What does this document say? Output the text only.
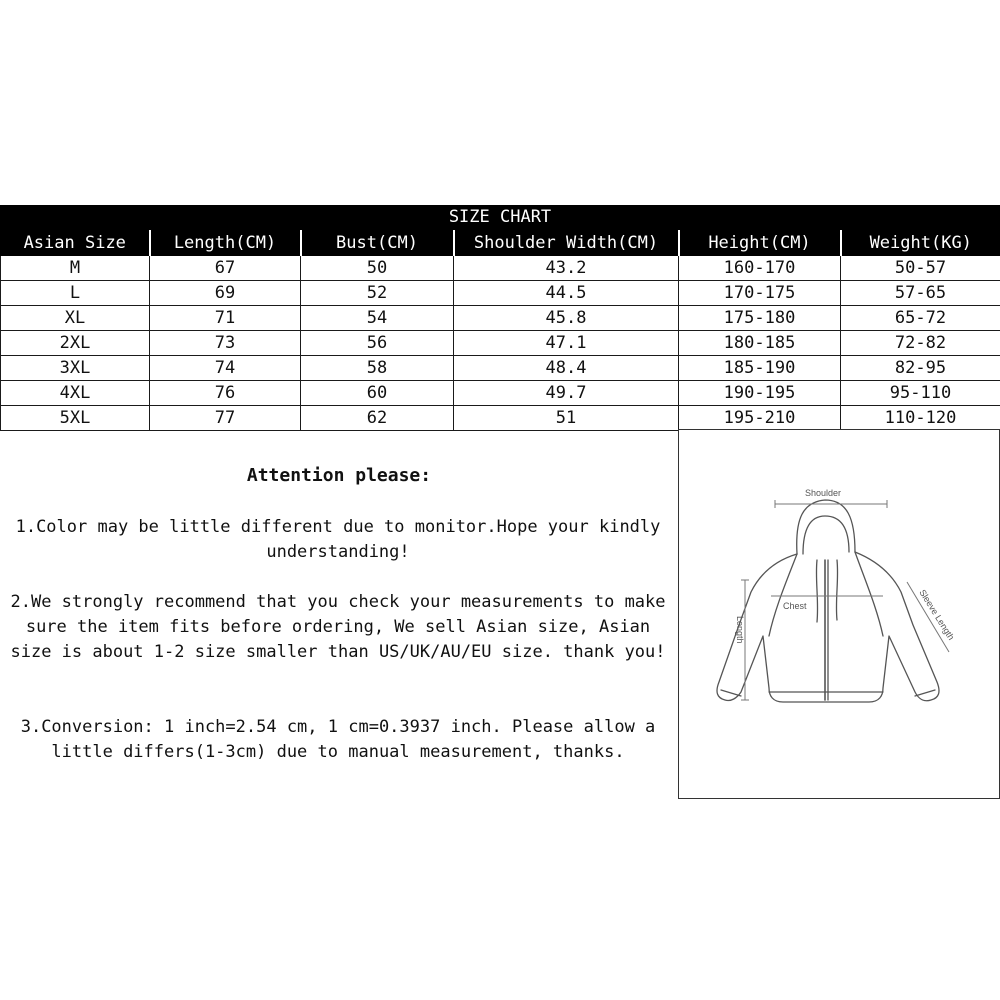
SIZE CHART
Asian Size	Length(CM)	Bust(CM)	Shoulder Width(CM)	Height(CM)	Weight(KG)
M	67	50	43.2	160-170	50-57
L	69	52	44.5	170-175	57-65
XL	71	54	45.8	175-180	65-72
2XL	73	56	47.1	180-185	72-82
3XL	74	58	48.4	185-190	82-95
4XL	76	60	49.7	190-195	95-110
5XL	77	62	51	195-210	110-120
Attention please:
1.Color may be little different due to monitor.Hope your kindly understanding!
2.We strongly recommend that you check your measurements to make sure the item fits before ordering, We sell Asian size, Asian size is about 1-2 size smaller than US/UK/AU/EU size. thank you!
3.Conversion: 1 inch=2.54 cm, 1 cm=0.3937 inch. Please allow a little differs(1-3cm) due to manual measurement, thanks.
Shoulder
Chest
Length	Sleeve Length
